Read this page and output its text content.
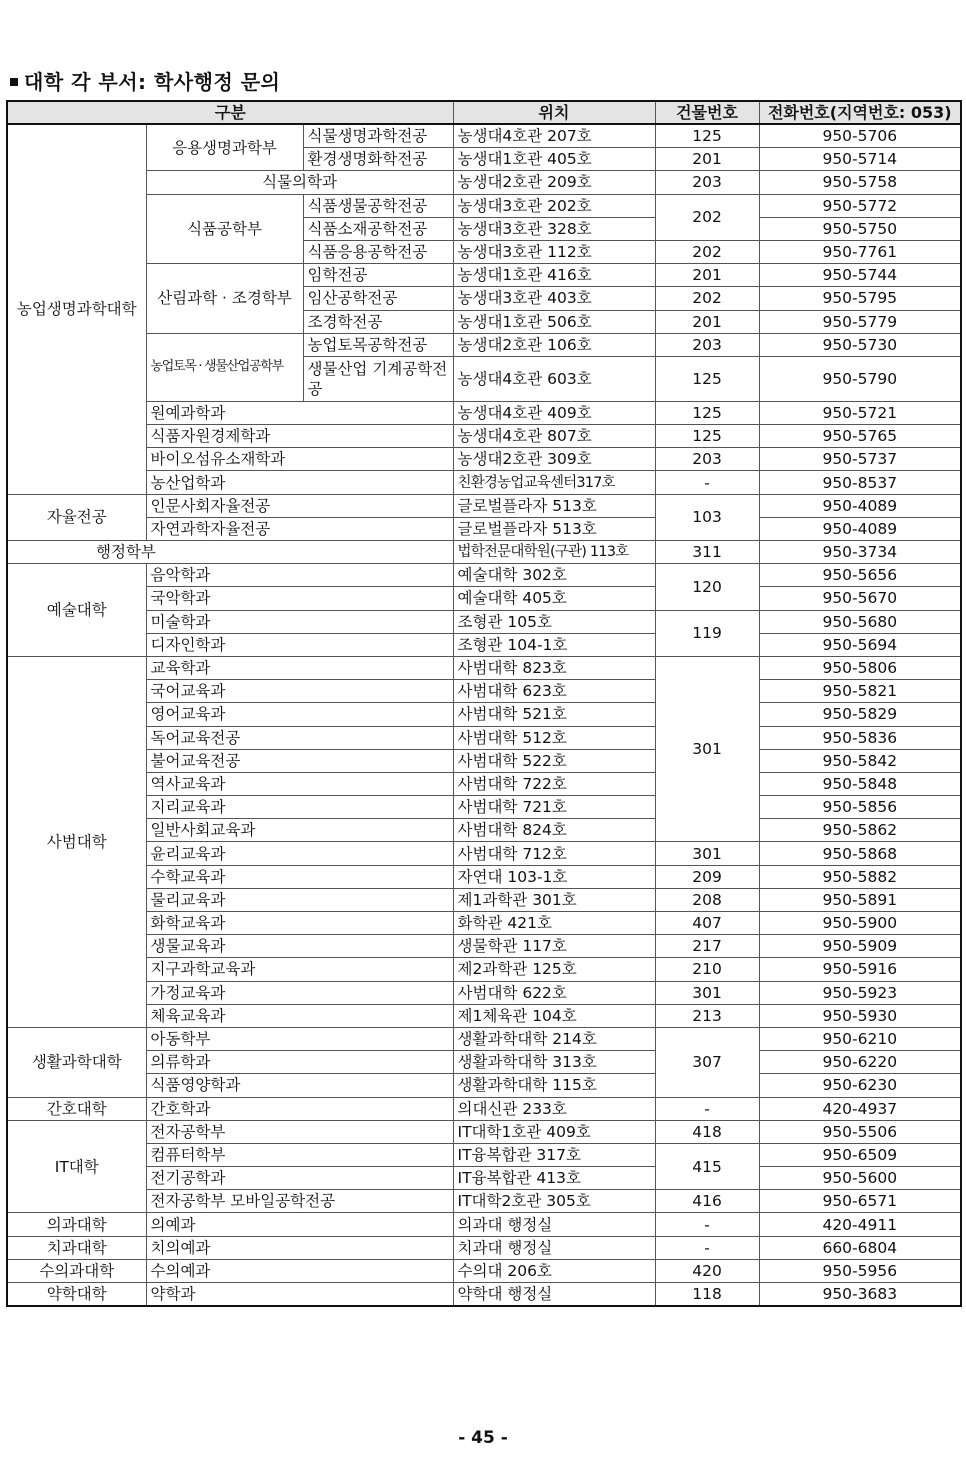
대학 각 부서: 학사행정 문의
구분			위치	건물번호	전화번호(지역번호: 053)
농업생명과학대학	응용생명과학부	식물생명과학전공	농생대4호관 207호	125	950-5706
		환경생명화학전공	농생대1호관 405호	201	950-5714
	식물의학과		농생대2호관 209호	203	950-5758
	식품공학부	식품생물공학전공	농생대3호관 202호	202	950-5772
		식품소재공학전공	농생대3호관 328호		950-5750
		식품응용공학전공	농생대3호관 112호	202	950-7761
	산림과학 · 조경학부	임학전공	농생대1호관 416호	201	950-5744
		임산공학전공	농생대3호관 403호	202	950-5795
		조경학전공	농생대1호관 506호	201	950-5779
	농업토목 · 생물산업공학부	농업토목공학전공	농생대2호관 106호	203	950-5730
		생물산업 기계공학전공	농생대4호관 603호	125	950-5790
	원예과학과		농생대4호관 409호	125	950-5721
	식품자원경제학과		농생대4호관 807호	125	950-5765
	바이오섬유소재학과		농생대2호관 309호	203	950-5737
	농산업학과		친환경농업교육센터317호	-	950-8537
자율전공	인문사회자율전공		글로벌플라자 513호	103	950-4089
	자연과학자율전공		글로벌플라자 513호		950-4089
행정학부			법학전문대학원(구관) 113호	311	950-3734
예술대학	음악학과		예술대학 302호	120	950-5656
	국악학과		예술대학 405호		950-5670
	미술학과		조형관 105호	119	950-5680
	디자인학과		조형관 104-1호		950-5694
사범대학	교육학과		사범대학 823호	301	950-5806
	국어교육과		사범대학 623호		950-5821
	영어교육과		사범대학 521호		950-5829
	독어교육전공		사범대학 512호		950-5836
	불어교육전공		사범대학 522호		950-5842
	역사교육과		사범대학 722호		950-5848
	지리교육과		사범대학 721호		950-5856
	일반사회교육과		사범대학 824호		950-5862
	윤리교육과		사범대학 712호	301	950-5868
	수학교육과		자연대 103-1호	209	950-5882
	물리교육과		제1과학관 301호	208	950-5891
	화학교육과		화학관 421호	407	950-5900
	생물교육과		생물학관 117호	217	950-5909
	지구과학교육과		제2과학관 125호	210	950-5916
	가정교육과		사범대학 622호	301	950-5923
	체육교육과		제1체육관 104호	213	950-5930
생활과학대학	아동학부		생활과학대학 214호	307	950-6210
	의류학과		생활과학대학 313호		950-6220
	식품영양학과		생활과학대학 115호		950-6230
간호대학	간호학과		의대신관 233호	-	420-4937
IT대학	전자공학부		IT대학1호관 409호	418	950-5506
	컴퓨터학부		IT융복합관 317호	415	950-6509
	전기공학과		IT융복합관 413호		950-5600
	전자공학부 모바일공학전공		IT대학2호관 305호	416	950-6571
의과대학	의예과		의과대 행정실	-	420-4911
치과대학	치의예과		치과대 행정실	-	660-6804
수의과대학	수의예과		수의대 206호	420	950-5956
약학대학	약학과		약학대 행정실	118	950-3683
- 45 -
